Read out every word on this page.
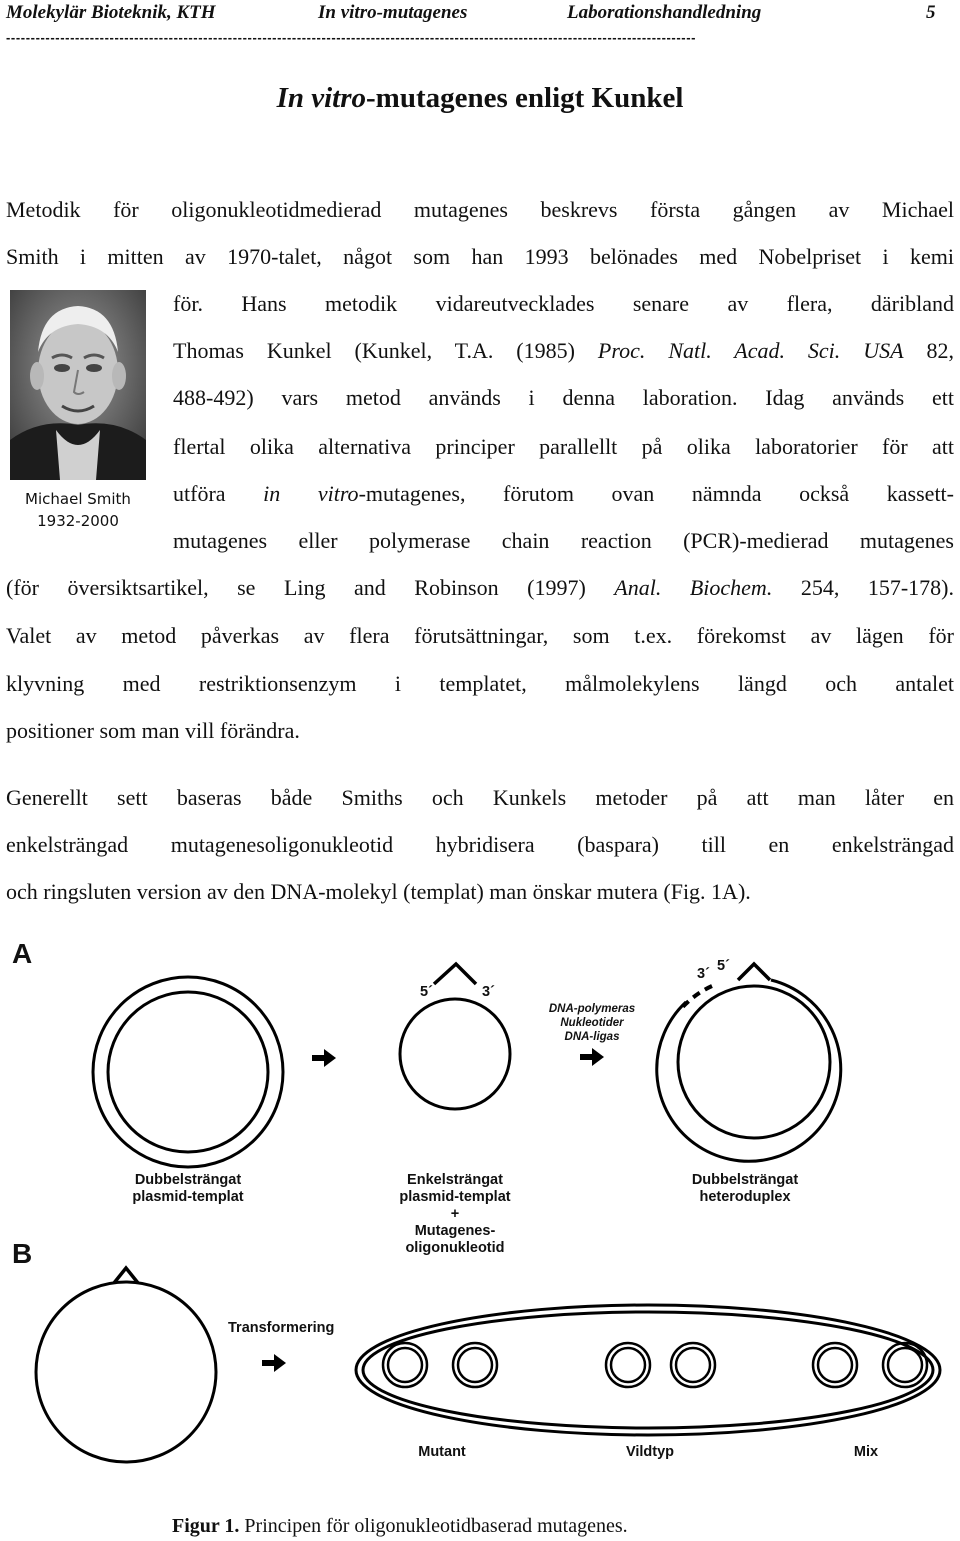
Molekylär Bioteknik, KTH	In vitro-mutagenes	Laborationshandledning	5
--------------------------------------------------------------------------------------------------------------------------------------------
In vitro-mutagenes enligt Kunkel
Michael Smith
1932-2000
Metodik för oligonukleotidmedierad mutagenes beskrevs första gången av Michael
Smith i mitten av 1970-talet, något som han 1993 belönades med Nobelpriset i kemi
för. Hans metodik vidareutvecklades senare av flera, däribland
Thomas Kunkel (Kunkel, T.A. (1985) Proc. Natl. Acad. Sci. USA 82,
488-492) vars metod används i denna laboration. Idag används ett
flertal olika alternativa principer parallellt på olika laboratorier för att
utföra in vitro-mutagenes, förutom ovan nämnda också kassett-
mutagenes eller polymerase chain reaction (PCR)-medierad mutagenes
(för översiktsartikel, se Ling and Robinson (1997) Anal. Biochem. 254, 157-178).
Valet av metod påverkas av flera förutsättningar, som t.ex. förekomst av lägen för
klyvning med restriktionsenzym i templatet, målmolekylens längd och antalet
positioner som man vill förändra.
Generellt sett baseras både Smiths och Kunkels metoder på att man låter en
enkelsträngad mutagenesoligonukleotid hybridisera (baspara) till en enkelsträngad
och ringsluten version av den DNA-molekyl (templat) man önskar mutera (Fig. 1A).
A
B
5´	3´
3´ 5´
DNA-polymeras
Nukleotider
DNA-ligas
Dubbelsträngat
plasmid-templat
Enkelsträngat
plasmid-templat
+
Mutagenes-
oligonukleotid
Dubbelsträngat
heteroduplex
Transformering
Mutant	Vildtyp	Mix
Figur 1. Principen för oligonukleotidbaserad mutagenes.
